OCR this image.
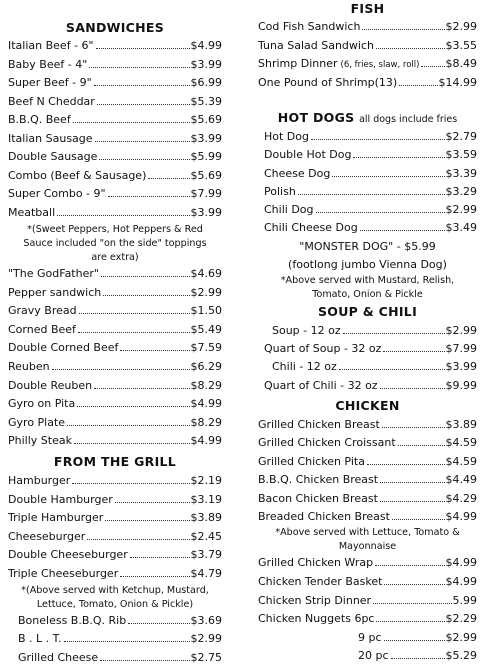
SANDWICHES
Italian Beef - 6"	$4.99
Baby Beef - 4"	$3.99
Super Beef - 9"	$6.99
Beef N Cheddar	$5.39
B.B.Q. Beef	$5.69
Italian Sausage	$3.99
Double Sausage	$5.99
Combo (Beef & Sausage)	$5.69
Super Combo - 9"	$7.99
Meatball	$3.99
*(Sweet Peppers, Hot Peppers & Red
Sauce included "on the side" toppings
are extra)
"The GodFather"	$4.69
Pepper sandwich	$2.99
Gravy Bread	$1.50
Corned Beef	$5.49
Double Corned Beef	$7.59
Reuben	$6.29
Double Reuben	$8.29
Gyro on Pita	$4.99
Gyro Plate	$8.29
Philly Steak	$4.99
FROM THE GRILL
Hamburger	$2.19
Double Hamburger	$3.19
Triple Hamburger	$3.89
Cheeseburger	$2.45
Double Cheeseburger	$3.79
Triple Cheeseburger	$4.79
*(Above served with Ketchup, Mustard,
Lettuce, Tomato, Onion & Pickle)
Boneless B.B.Q. Rib	$3.69
B . L . T.	$2.99
Grilled Cheese	$2.75
FISH
Cod Fish Sandwich	$2.99
Tuna Salad Sandwich	$3.55
Shrimp Dinner (6, fries, slaw, roll) $8.49
One Pound of Shrimp(13)	$14.99
HOT DOGS all dogs include fries
Hot Dog	$2.79
Double Hot Dog	$3.59
Cheese Dog	$3.39
Polish	$3.29
Chili Dog	$2.99
Chili Cheese Dog	$3.49
"MONSTER DOG" - $5.99
(footlong jumbo Vienna Dog)
*Above served with Mustard, Relish,
Tomato, Onion & Pickle
SOUP & CHILI
Soup - 12 oz	$2.99
Quart of Soup - 32 oz	$7.99
Chili - 12 oz	$3.99
Quart of Chili - 32 oz	$9.99
CHICKEN
Grilled Chicken Breast	$3.89
Grilled Chicken Croissant	$4.59
Grilled Chicken Pita	$4.59
B.B.Q. Chicken Breast	$4.49
Bacon Chicken Breast	$4.29
Breaded Chicken Breast	$4.99
*Above served with Lettuce, Tomato &
Mayonnaise
Grilled Chicken Wrap	$4.99
Chicken Tender Basket	$4.99
Chicken Strip Dinner	5.99
Chicken Nuggets 6pc	$2.29
9 pc	$2.99
20 pc	$5.29
